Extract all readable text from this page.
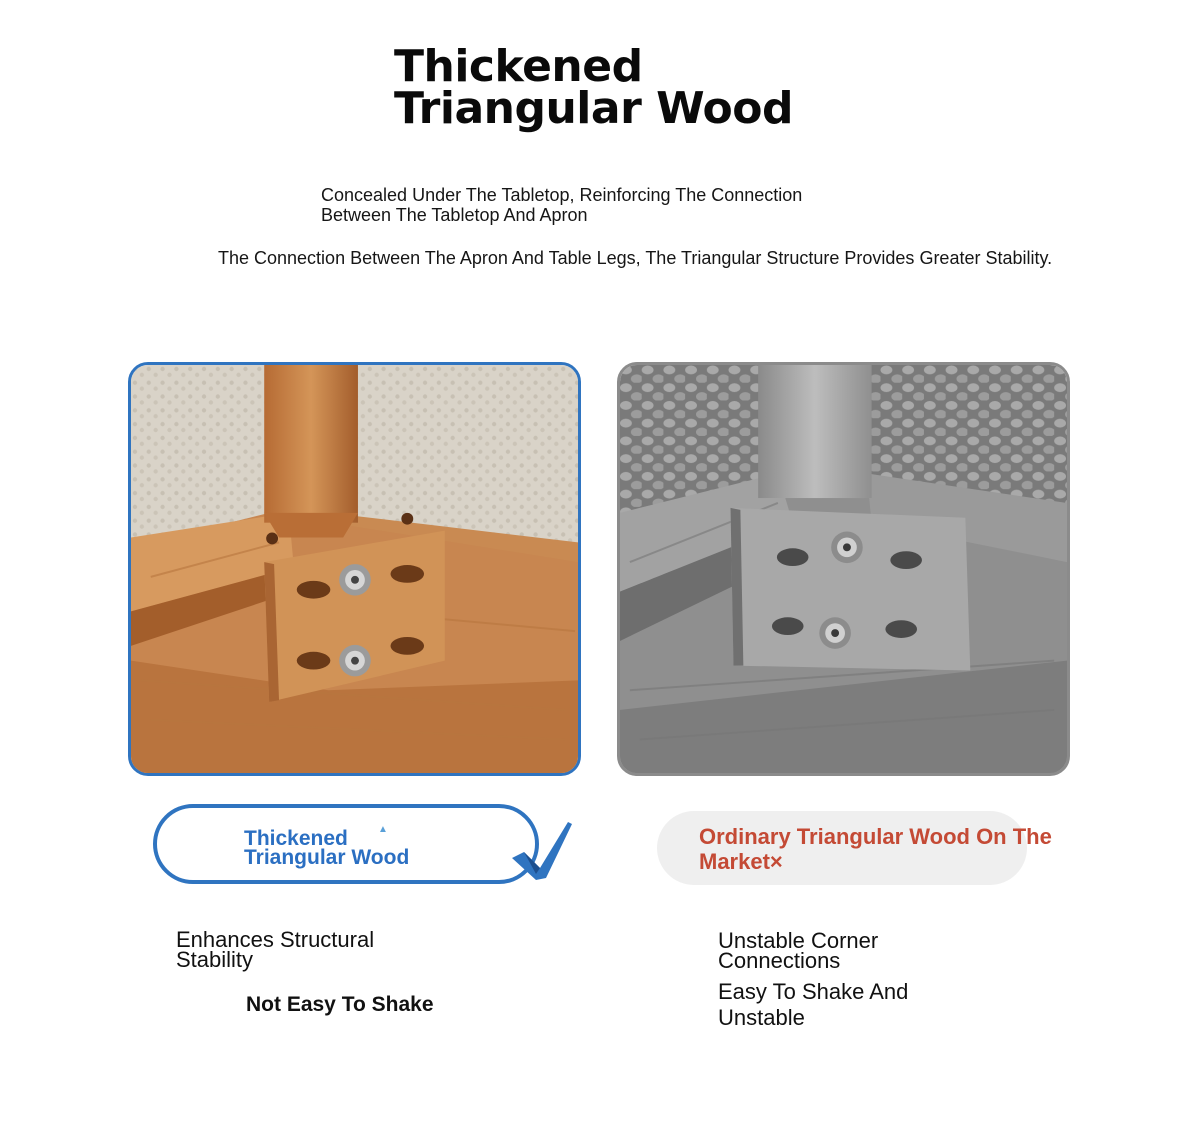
Thickened
Triangular Wood
Concealed Under The Tabletop, Reinforcing The Connection
Between The Tabletop And Apron
The Connection Between The Apron And Table Legs, The Triangular Structure Provides Greater Stability.
Thickened
Triangular Wood
▲	Ordinary Triangular Wood On The
Market×
Enhances Structural
Stability
Not Easy To Shake
Unstable Corner
Connections
Easy To Shake And
Unstable
